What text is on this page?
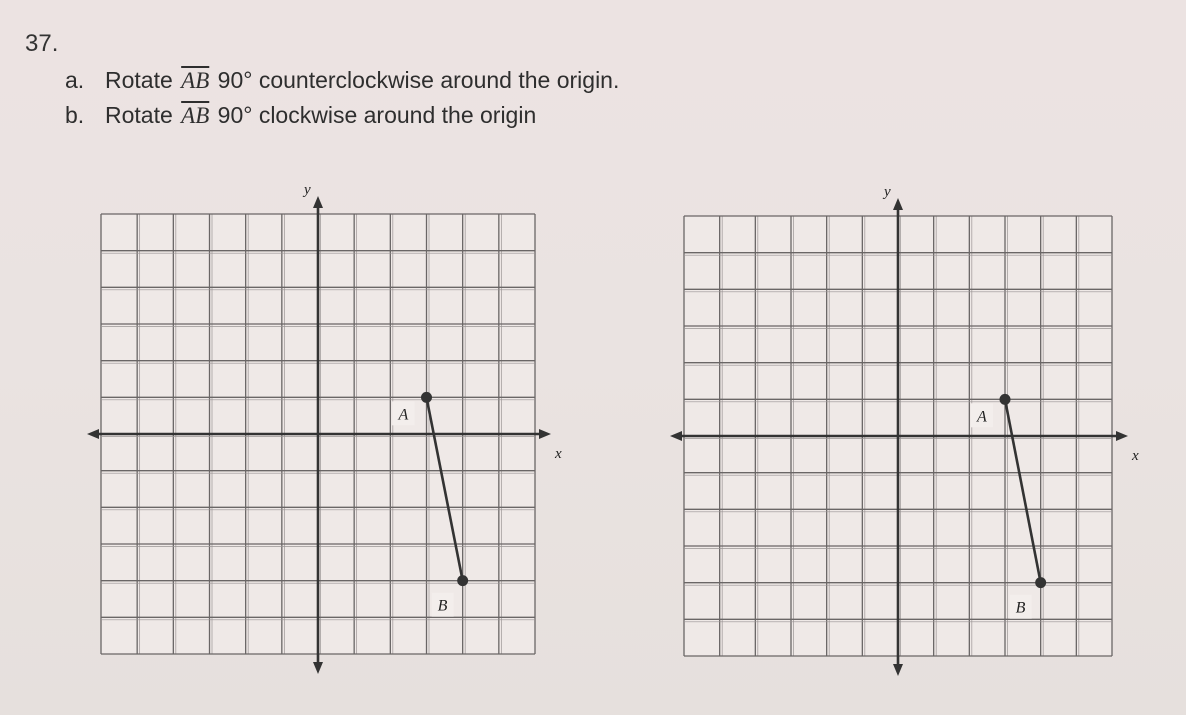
37.
a. Rotate $\overline{AB}$ 90° counterclockwise around the origin.
b. Rotate $\overline{AB}$ 90° clockwise around the origin
x
y
A
B
x
y
A
B
